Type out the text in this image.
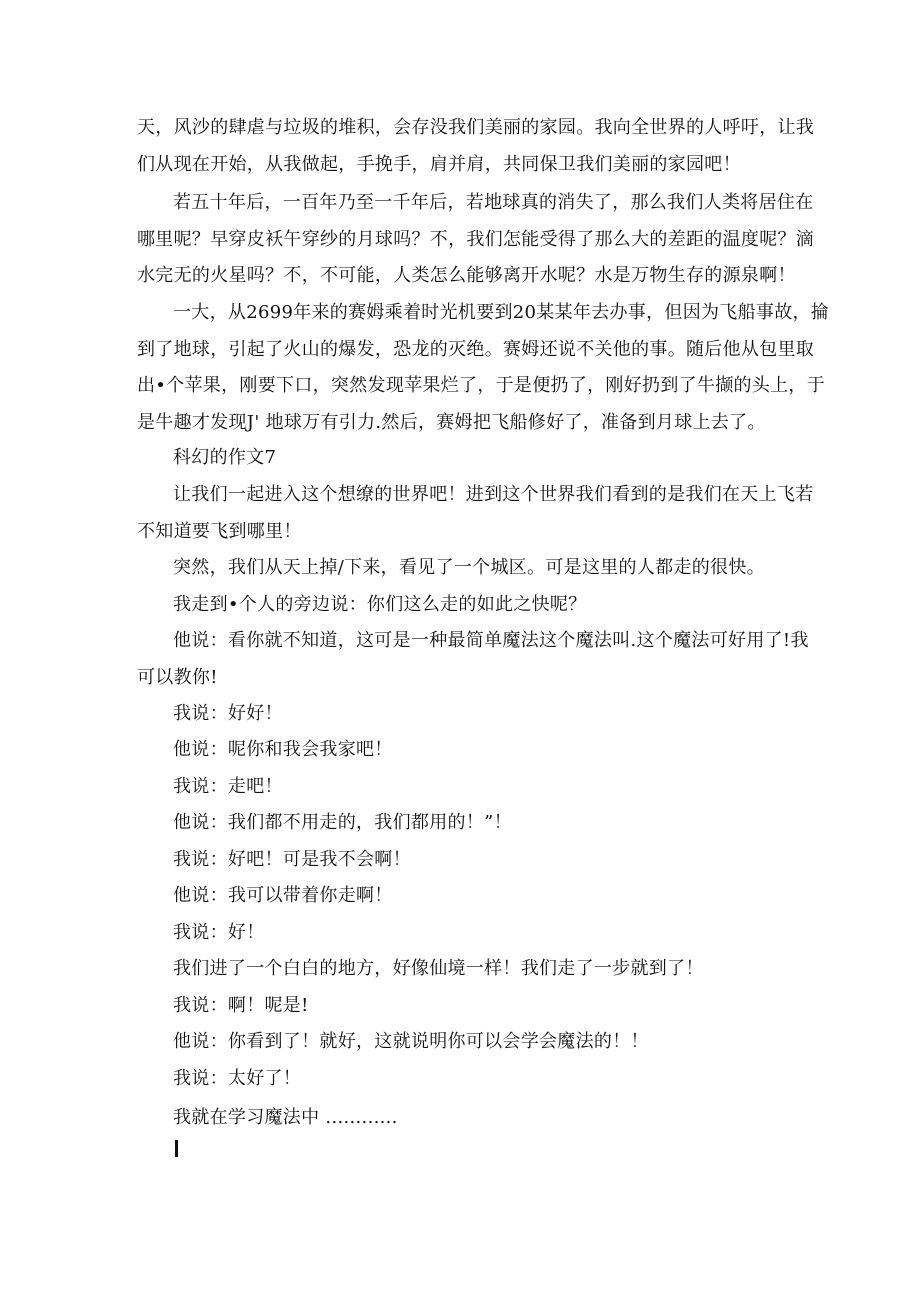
天，风沙的肆虐与垃圾的堆积，会存没我们美丽的家园。我向全世界的人呼吁，让我
们从现在开始，从我做起，手挽手，肩并肩，共同保卫我们美丽的家园吧！

若五十年后，一百年乃至一千年后，若地球真的消失了，那么我们人类将居住在
哪里呢？早穿皮袄午穿纱的月球吗？不，我们怎能受得了那么大的差距的温度呢？滴
水完无的火星吗？不，不可能，人类怎么能够离开水呢？水是万物生存的源泉啊！

一大，从2699年来的赛姆乘着时光机要到20某某年去办事，但因为飞船事故，掄
到了地球，引起了火山的爆发，恐龙的灭绝。赛姆还说不关他的事。随后他从包里取
出•个苹果，刚要下口，突然发现苹果烂了，于是便扔了，刚好扔到了牛撷的头上，于
是牛趣才发现J' 地球万有引力.然后，赛姆把飞船修好了，准备到月球上去了。

科幻的作文7

让我们一起进入这个想缭的世界吧！进到这个世界我们看到的是我们在天上飞若
不知道要飞到哪里！

突然，我们从天上掉/下来，看见了一个城区。可是这里的人都走的很快。

我走到•个人的旁边说：你们这么走的如此之快呢？

他说：看你就不知道，这可是一种最简单魔法这个魔法叫.这个魔法可好用了!我
可以教你!

我说：好好！

他说：呢你和我会我家吧！

我说：走吧！

他说：我们都不用走的，我们都用的！”！

我说：好吧！可是我不会啊！

他说：我可以带着你走啊！

我说：好！

我们进了一个白白的地方，好像仙境一样！我们走了一步就到了！

我说：啊！呢是!

他说：你看到了！就好，这就说明你可以会学会魔法的！！

我说：太好了！

我就在学习魔法中 ............
